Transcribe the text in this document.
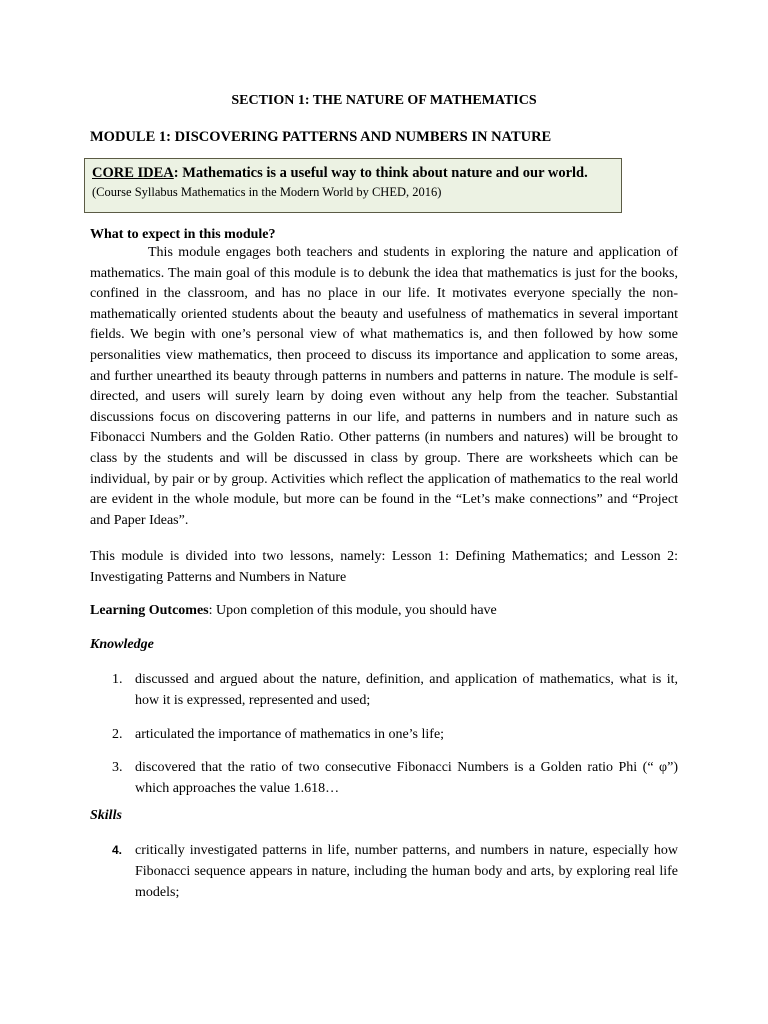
SECTION 1: THE NATURE OF MATHEMATICS
MODULE 1: DISCOVERING PATTERNS AND NUMBERS IN NATURE
CORE IDEA: Mathematics is a useful way to think about nature and our world.
(Course Syllabus Mathematics in the Modern World by CHED, 2016)
What to expect in this module?

This module engages both teachers and students in exploring the nature and application of mathematics. The main goal of this module is to debunk the idea that mathematics is just for the books, confined in the classroom, and has no place in our life. It motivates everyone specially the non-mathematically oriented students about the beauty and usefulness of mathematics in several important fields. We begin with one’s personal view of what mathematics is, and then followed by how some personalities view mathematics, then proceed to discuss its importance and application to some areas, and further unearthed its beauty through patterns in numbers and patterns in nature. The module is self-directed, and users will surely learn by doing even without any help from the teacher. Substantial discussions focus on discovering patterns in our life, and patterns in numbers and in nature such as Fibonacci Numbers and the Golden Ratio. Other patterns (in numbers and natures) will be brought to class by the students and will be discussed in class by group. There are worksheets which can be individual, by pair or by group. Activities which reflect the application of mathematics to the real world are evident in the whole module, but more can be found in the “Let’s make connections” and “Project and Paper Ideas”.

This module is divided into two lessons, namely: Lesson 1: Defining Mathematics; and Lesson 2: Investigating Patterns and Numbers in Nature

Learning Outcomes: Upon completion of this module, you should have
Knowledge
1. discussed and argued about the nature, definition, and application of mathematics, what is it, how it is expressed, represented and used;
2. articulated the importance of mathematics in one’s life;
3. discovered that the ratio of two consecutive Fibonacci Numbers is a Golden ratio Phi (“ φ”) which approaches the value 1.618…
Skills
4. critically investigated patterns in life, number patterns, and numbers in nature, especially how Fibonacci sequence appears in nature, including the human body and arts, by exploring real life models;
